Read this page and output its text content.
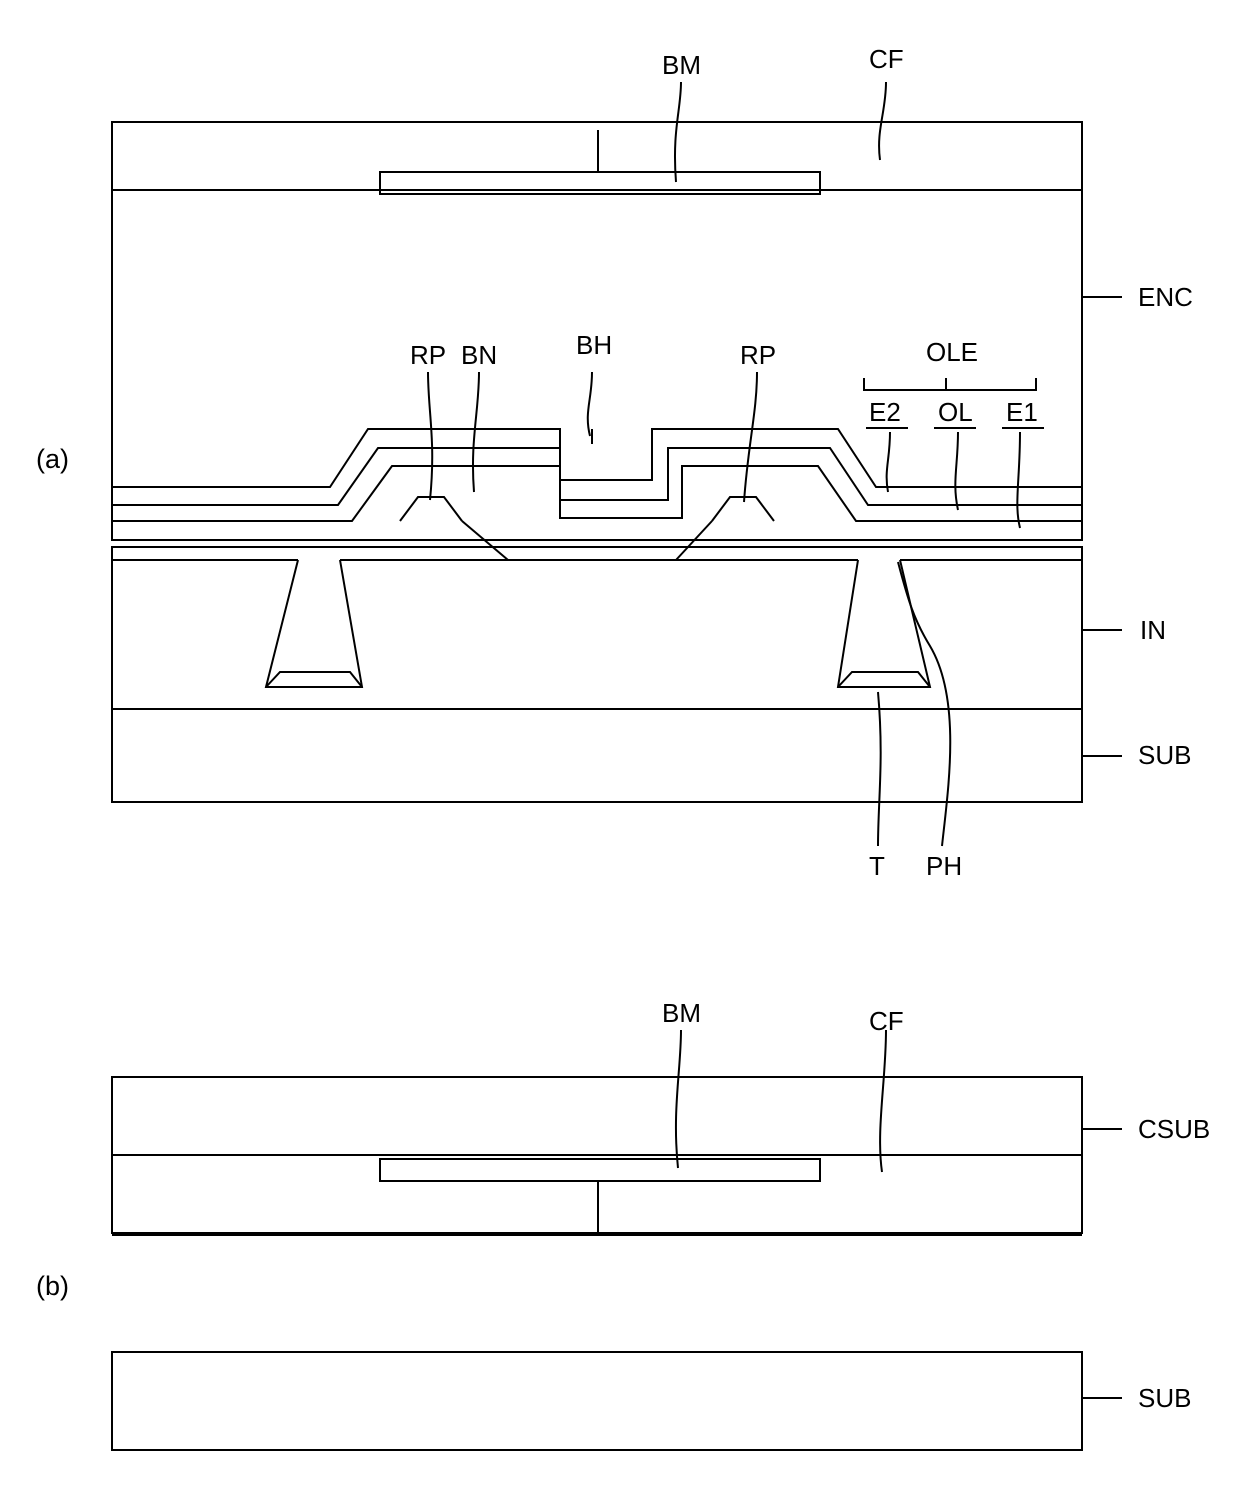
(a)
BM	CF
ENC
RP BN	BH	RP	OLE
E2 OL E1
IN
SUB
T PH
(b)
BM	CF
CSUB
SUB
